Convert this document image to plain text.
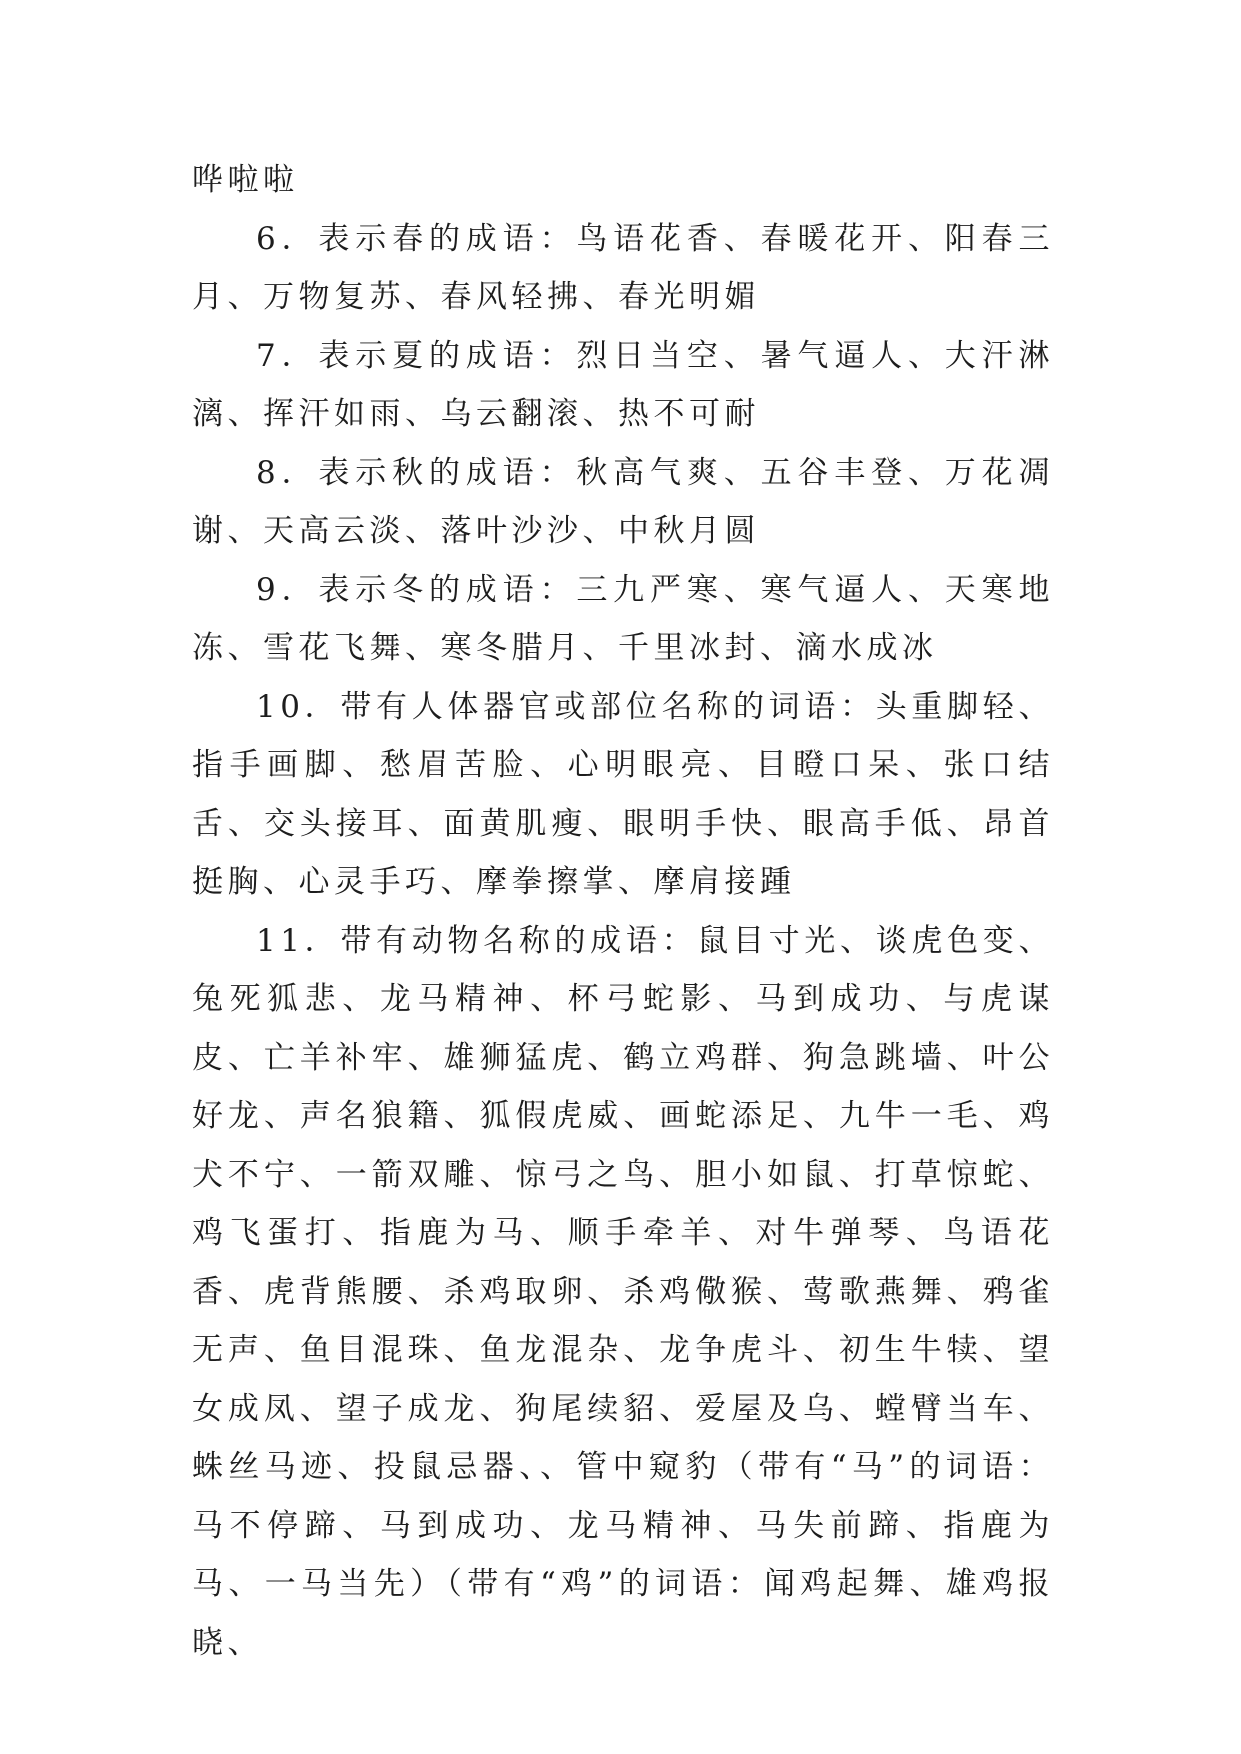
哗啦啦

6．表示春的成语：鸟语花香、春暖花开、阳春三月、万物复苏、春风轻拂、春光明媚

7．表示夏的成语：烈日当空、暑气逼人、大汗淋漓、挥汗如雨、乌云翻滚、热不可耐

8．表示秋的成语：秋高气爽、五谷丰登、万花凋谢、天高云淡、落叶沙沙、中秋月圆

9．表示冬的成语：三九严寒、寒气逼人、天寒地冻、雪花飞舞、寒冬腊月、千里冰封、滴水成冰

10．带有人体器官或部位名称的词语：头重脚轻、指手画脚、愁眉苦脸、心明眼亮、目瞪口呆、张口结舌、交头接耳、面黄肌瘦、眼明手快、眼高手低、昂首挺胸、心灵手巧、摩拳擦掌、摩肩接踵

11．带有动物名称的成语：鼠目寸光、谈虎色变、兔死狐悲、龙马精神、杯弓蛇影、马到成功、与虎谋皮、亡羊补牢、雄狮猛虎、鹤立鸡群、狗急跳墙、叶公好龙、声名狼籍、狐假虎威、画蛇添足、九牛一毛、鸡犬不宁、一箭双雕、惊弓之鸟、胆小如鼠、打草惊蛇、鸡飞蛋打、指鹿为马、顺手牵羊、对牛弹琴、鸟语花香、虎背熊腰、杀鸡取卵、杀鸡儆猴、莺歌燕舞、鸦雀无声、鱼目混珠、鱼龙混杂、龙争虎斗、初生牛犊、望女成凤、望子成龙、狗尾续貂、爱屋及乌、螳臂当车、蛛丝马迹、投鼠忌器、、管中窥豹（带有“马”的词语：马不停蹄、马到成功、龙马精神、马失前蹄、指鹿为马、一马当先）（带有“鸡”的词语：闻鸡起舞、雄鸡报晓、
